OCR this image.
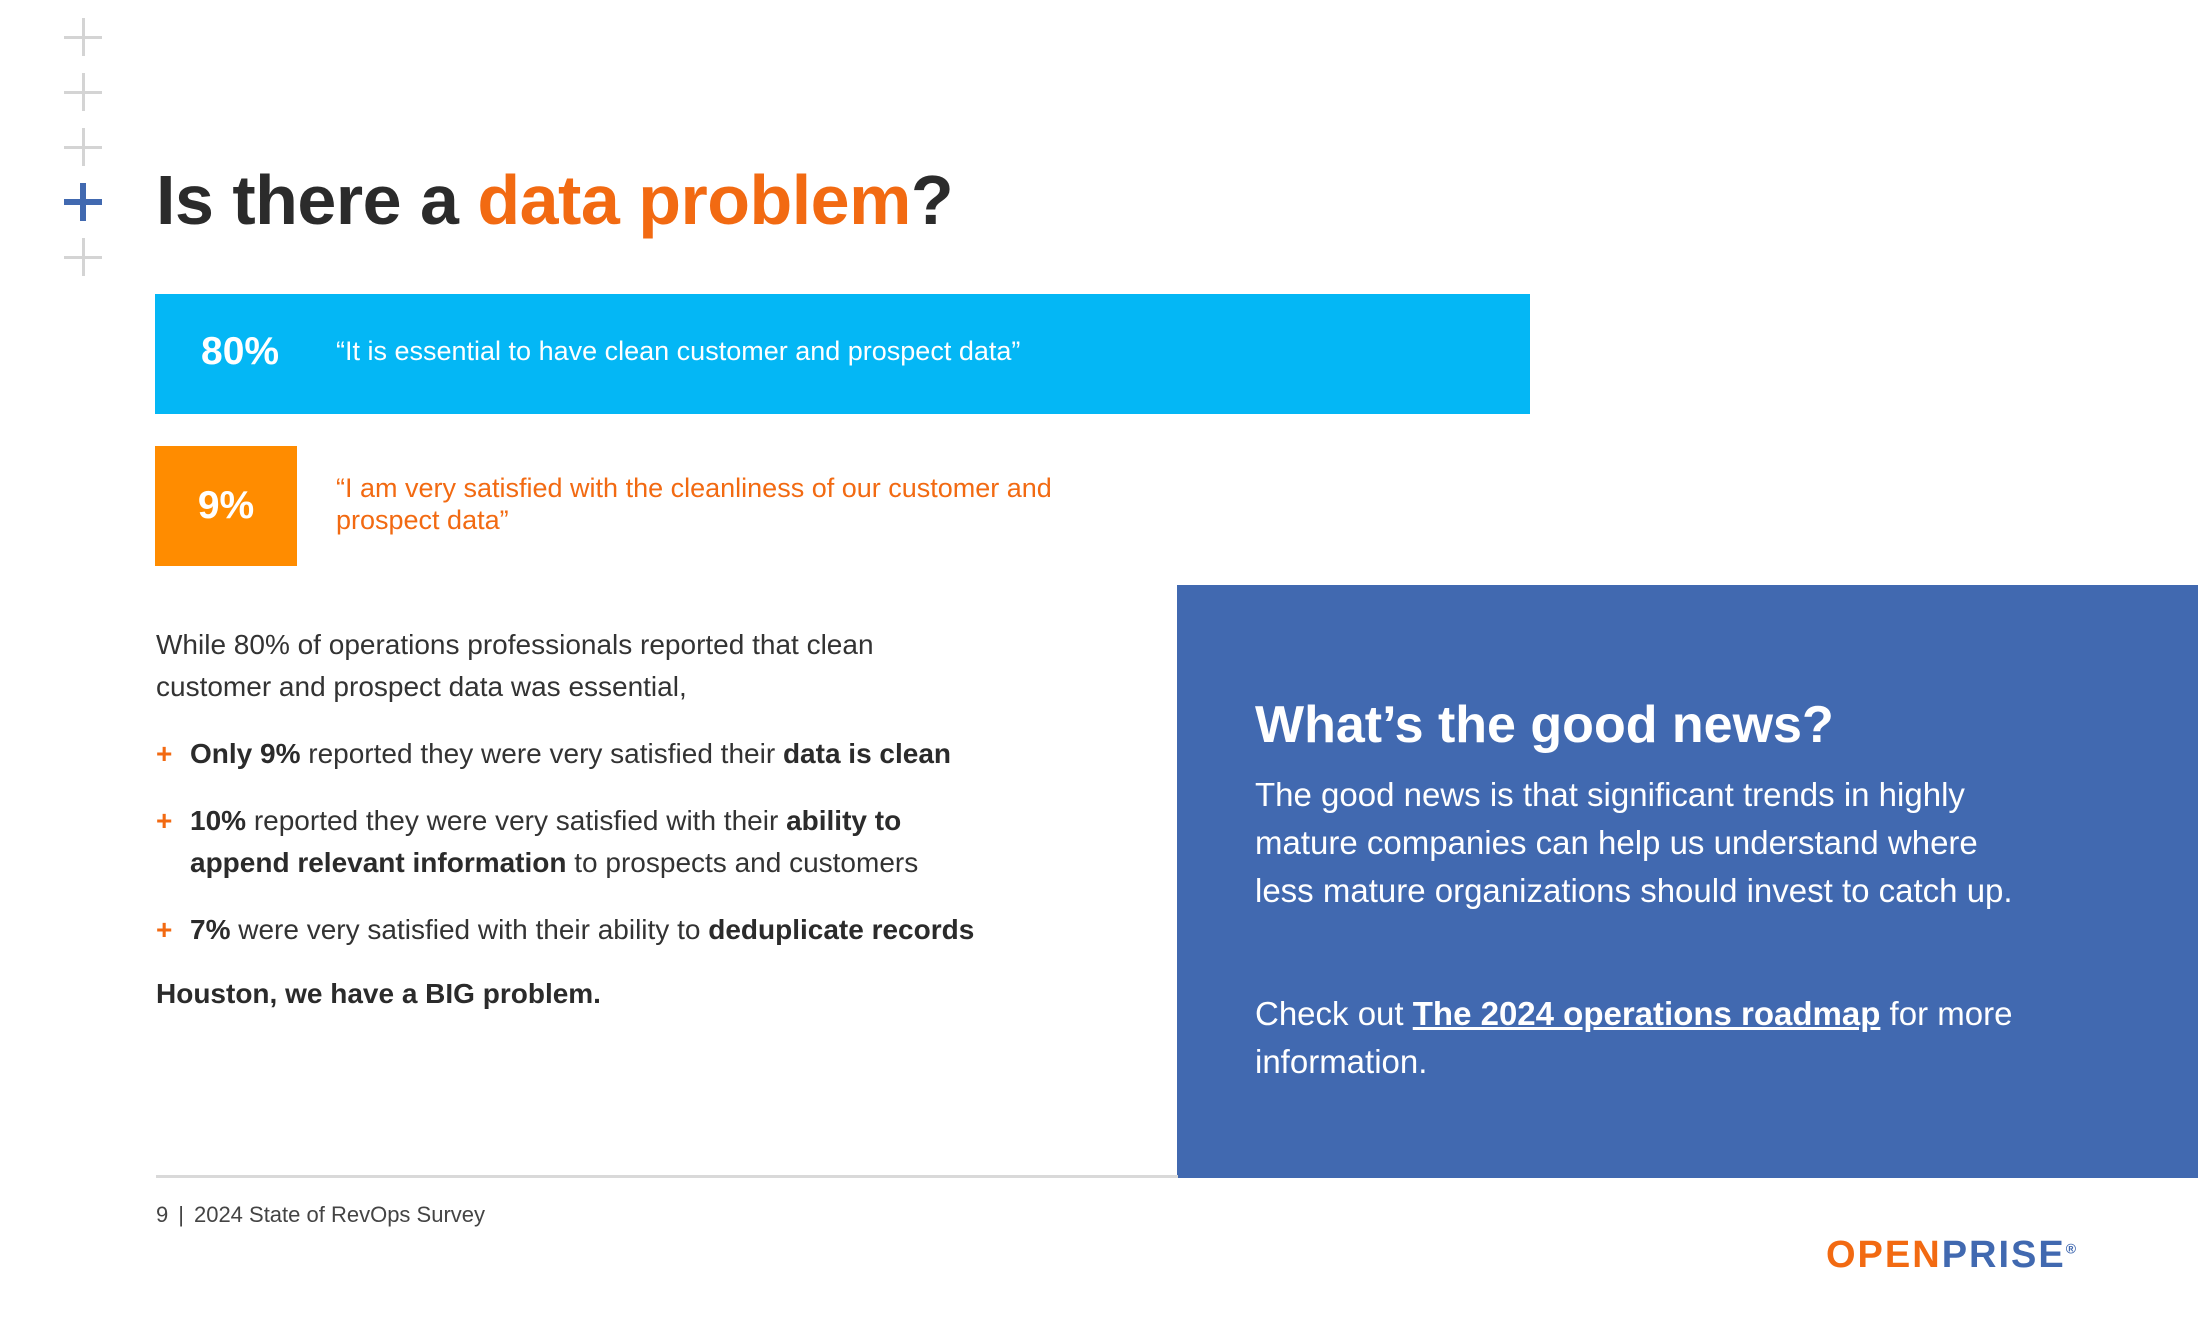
Is there a data problem?
80% “It is essential to have clean customer and prospect data”
9%	“I am very satisfied with the cleanliness of our customer and prospect data”
While 80% of operations professionals reported that clean customer and prospect data was essential,
+ Only 9% reported they were very satisfied their data is clean
+ 10% reported they were very satisfied with their ability to append relevant information to prospects and customers
+ 7% were very satisfied with their ability to deduplicate records
Houston, we have a BIG problem.
What’s the good news?

The good news is that significant trends in highly mature companies can help us understand where less mature organizations should invest to catch up.

Check out The 2024 operations roadmap for more information.

9 | 2024 State of RevOps Survey
OPENPRISE®
